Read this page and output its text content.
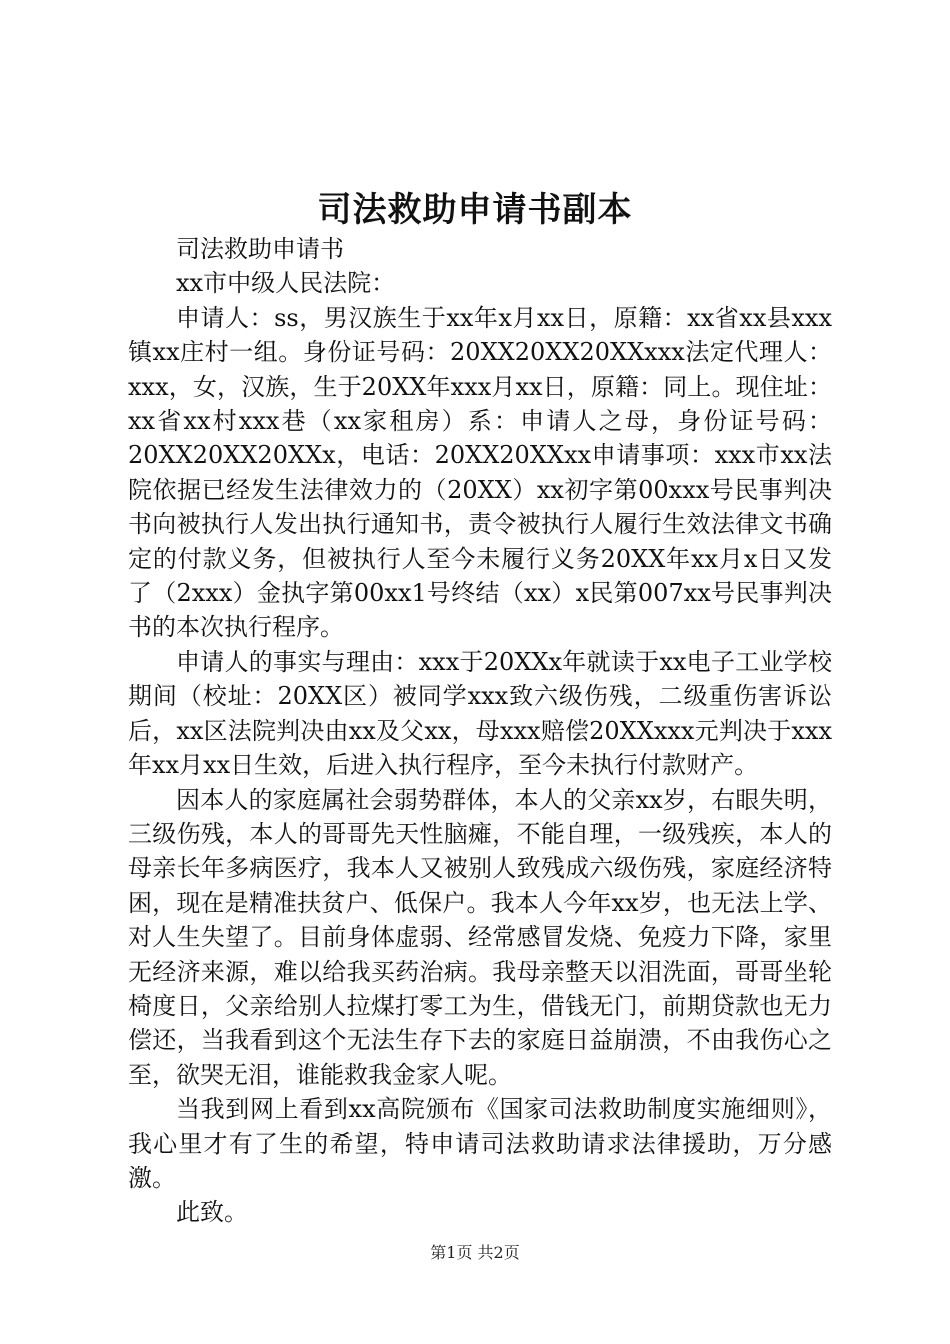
司法救助申请书副本

司法救助申请书

xx市中级人民法院：

申请人：ss，男汉族生于xx年x月xx日，原籍：xx省xx县xxx镇xx庄村一组。身份证号码：20XX20XX20XXxxx法定代理人：xxx，女，汉族，生于20XX年xxx月xx日，原籍：同上。现住址：xx省xx村xxx巷（xx家租房）系：申请人之母，身份证号码：20XX20XX20XXx，电话：20XX20XXxx申请事项：xxx市xx法院依据已经发生法律效力的（20XX）xx初字第00xxx号民事判决书向被执行人发出执行通知书，责令被执行人履行生效法律文书确定的付款义务，但被执行人至今未履行义务20XX年xx月x日又发了（2xxx）金执字第00xx1号终结（xx）x民第007xx号民事判决书的本次执行程序。

申请人的事实与理由：xxx于20XXx年就读于xx电子工业学校期间（校址：20XX区）被同学xxx致六级伤残，二级重伤害诉讼后，xx区法院判决由xx及父xx，母xxx赔偿20XXxxx元判决于xxx年xx月xx日生效，后进入执行程序，至今未执行付款财产。

因本人的家庭属社会弱势群体，本人的父亲xx岁，右眼失明，三级伤残，本人的哥哥先天性脑瘫，不能自理，一级残疾，本人的母亲长年多病医疗，我本人又被别人致残成六级伤残，家庭经济特困，现在是精准扶贫户、低保户。我本人今年xx岁，也无法上学、对人生失望了。目前身体虚弱、经常感冒发烧、免疫力下降，家里无经济来源，难以给我买药治病。我母亲整天以泪洗面，哥哥坐轮椅度日，父亲给别人拉煤打零工为生，借钱无门，前期贷款也无力偿还，当我看到这个无法生存下去的家庭日益崩溃，不由我伤心之至，欲哭无泪，谁能救我金家人呢。

当我到网上看到xx高院颁布《国家司法救助制度实施细则》，我心里才有了生的希望，特申请司法救助请求法律援助，万分感激。

此致。

第1页 共2页
